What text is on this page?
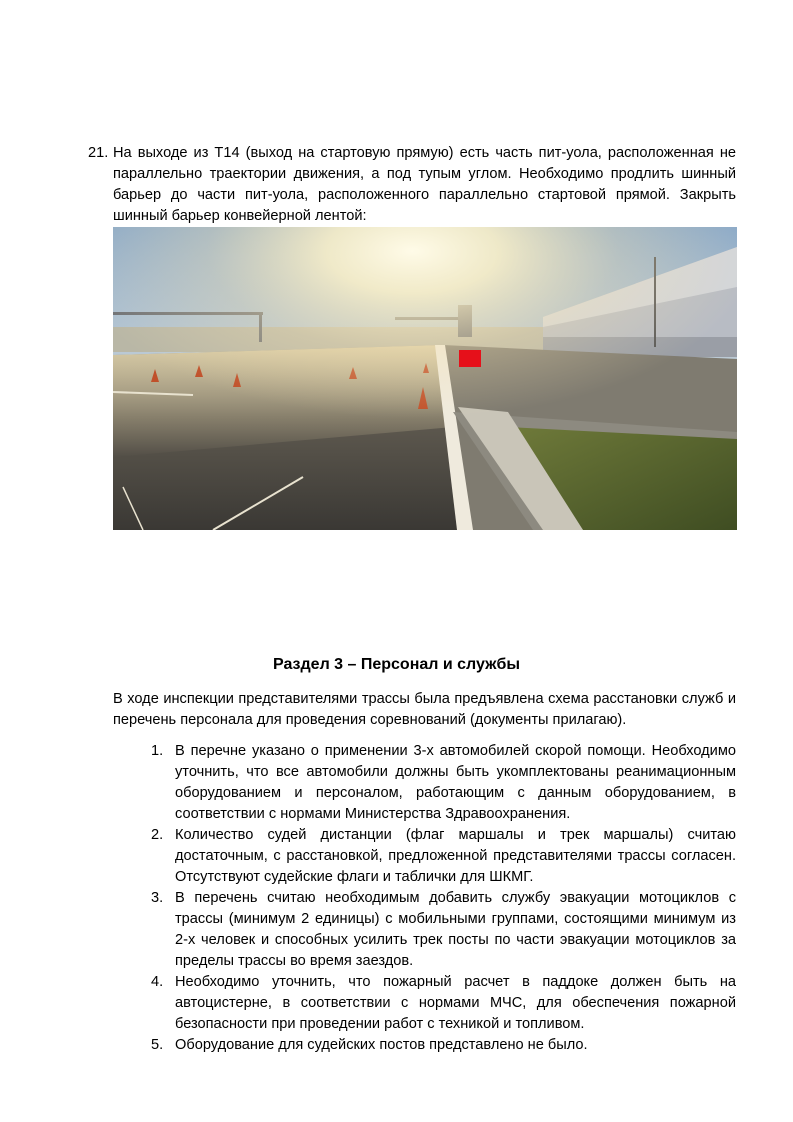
21. На выходе из Т14 (выход на стартовую прямую) есть часть пит-уола, расположенная не параллельно траектории движения, а под тупым углом. Необходимо продлить шинный барьер до части пит-уола, расположенного параллельно стартовой прямой. Закрыть шинный барьер конвейерной лентой:
Раздел 3 – Персонал и службы
В ходе инспекции представителями трассы была предъявлена схема расстановки служб и перечень персонала для проведения соревнований (документы прилагаю).
1. В перечне указано о применении 3-х автомобилей скорой помощи. Необходимо уточнить, что все автомобили должны быть укомплектованы реанимационным оборудованием и персоналом, работающим с данным оборудованием, в соответствии с нормами Министерства Здравоохранения.
2. Количество судей дистанции (флаг маршалы и трек маршалы) считаю достаточным, с расстановкой, предложенной представителями трассы согласен. Отсутствуют судейские флаги и таблички для ШКМГ.
3. В перечень считаю необходимым добавить службу эвакуации мотоциклов с трассы (минимум 2 единицы) с мобильными группами, состоящими минимум из 2-х человек и способных усилить трек посты по части эвакуации мотоциклов за пределы трассы во время заездов.
4. Необходимо уточнить, что пожарный расчет в паддоке должен быть на автоцистерне, в соответствии с нормами МЧС, для обеспечения пожарной безопасности при проведении работ с техникой и топливом.
5. Оборудование для судейских постов представлено не было.
